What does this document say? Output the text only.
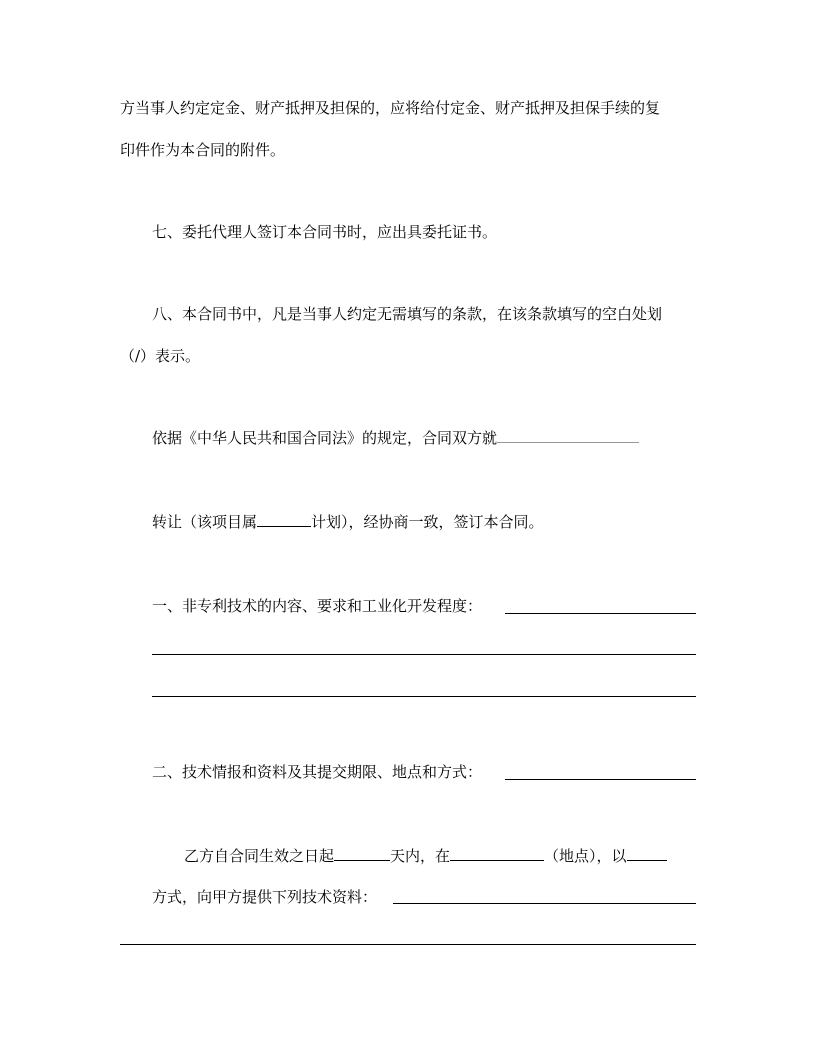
方当事人约定定金、财产抵押及担保的，应将给付定金、财产抵押及担保手续的复
印件作为本合同的附件。
七、委托代理人签订本合同书时，应出具委托证书。
八、本合同书中，凡是当事人约定无需填写的条款，在该条款填写的空白处划
（/）表示。
依据《中华人民共和国合同法》的规定，合同双方就
转让（该项目属	计划），经协商一致，签订本合同。
一、非专利技术的内容、要求和工业化开发程度：
二、技术情报和资料及其提交期限、地点和方式：
乙方自合同生效之日起	天内，在	（地点），以
方式，向甲方提供下列技术资料：
